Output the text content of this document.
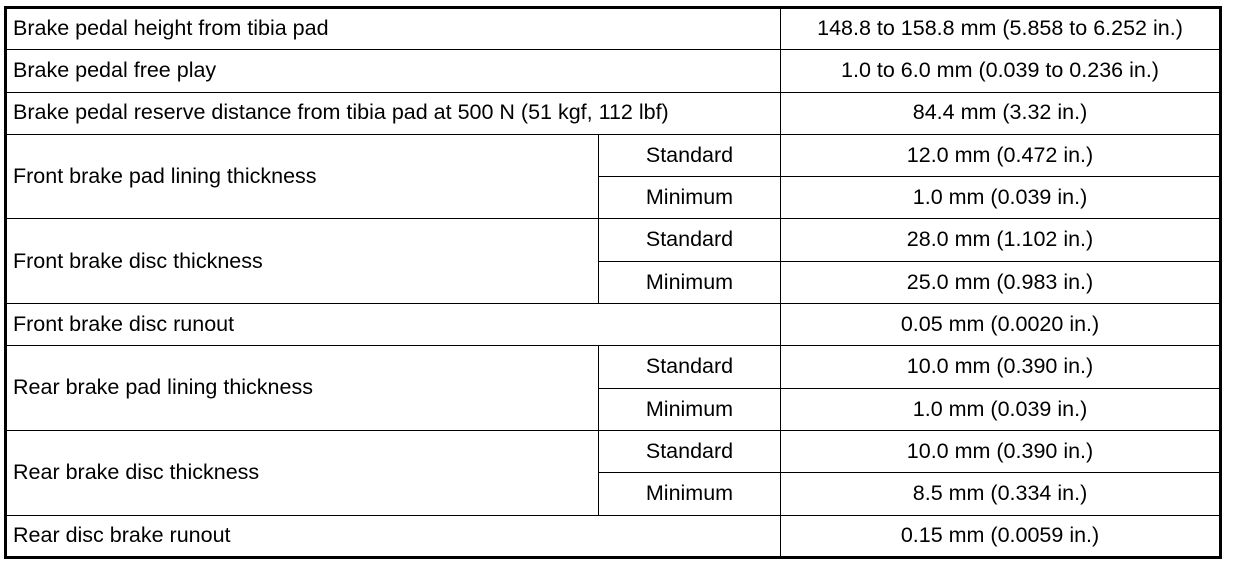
Brake pedal height from tibia pad		148.8 to 158.8 mm (5.858 to 6.252 in.)
Brake pedal free play		1.0 to 6.0 mm (0.039 to 0.236 in.)
Brake pedal reserve distance from tibia pad at 500 N (51 kgf, 112 lbf)		84.4 mm (3.32 in.)
Front brake pad lining thickness	Standard	12.0 mm (0.472 in.)
	Minimum	1.0 mm (0.039 in.)
Front brake disc thickness	Standard	28.0 mm (1.102 in.)
	Minimum	25.0 mm (0.983 in.)
Front brake disc runout		0.05 mm (0.0020 in.)
Rear brake pad lining thickness	Standard	10.0 mm (0.390 in.)
	Minimum	1.0 mm (0.039 in.)
Rear brake disc thickness	Standard	10.0 mm (0.390 in.)
	Minimum	8.5 mm (0.334 in.)
Rear disc brake runout		0.15 mm (0.0059 in.)
